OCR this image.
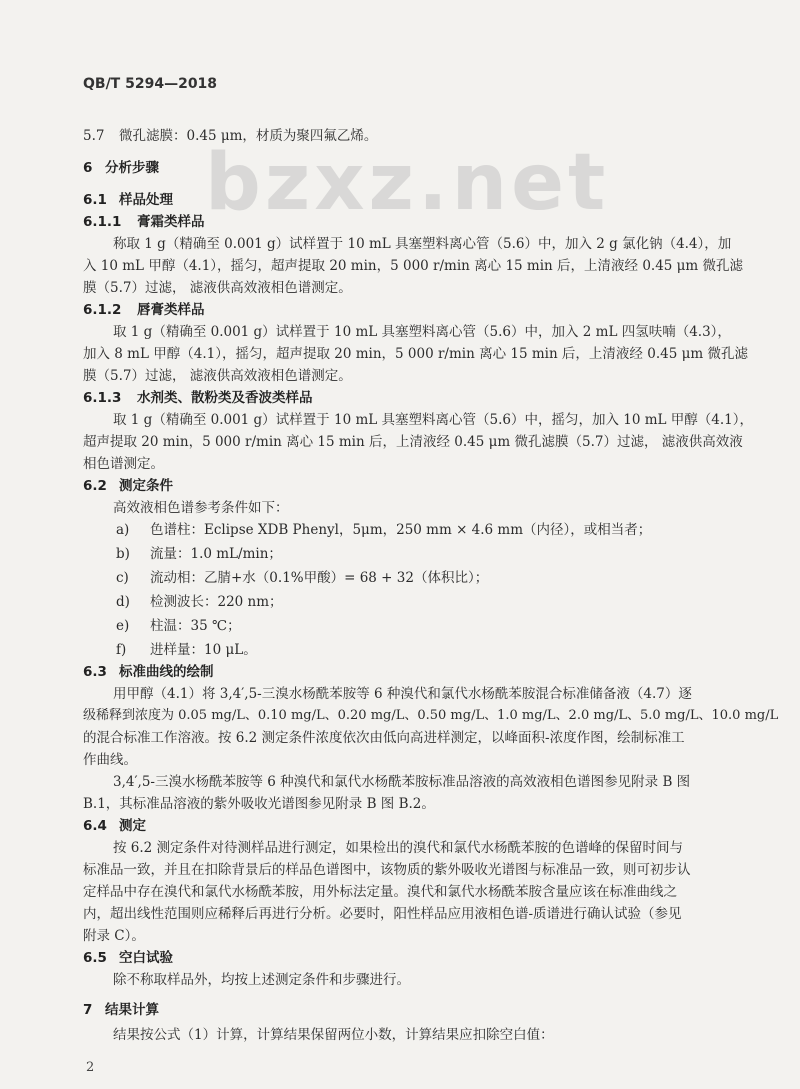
bzxz.net
QB/T 5294—2018
5.7 微孔滤膜：0.45 μm，材质为聚四氟乙烯。
6 分析步骤
6.1 样品处理
6.1.1 膏霜类样品
称取 1 g（精确至 0.001 g）试样置于 10 mL 具塞塑料离心管（5.6）中，加入 2 g 氯化钠（4.4），加
入 10 mL 甲醇（4.1），摇匀，超声提取 20 min，5 000 r/min 离心 15 min 后，上清液经 0.45 μm 微孔滤
膜（5.7）过滤， 滤液供高效液相色谱测定。
6.1.2 唇膏类样品
取 1 g（精确至 0.001 g）试样置于 10 mL 具塞塑料离心管（5.6）中，加入 2 mL 四氢呋喃（4.3），
加入 8 mL 甲醇（4.1），摇匀，超声提取 20 min，5 000 r/min 离心 15 min 后，上清液经 0.45 μm 微孔滤
膜（5.7）过滤， 滤液供高效液相色谱测定。
6.1.3 水剂类、散粉类及香波类样品
取 1 g（精确至 0.001 g）试样置于 10 mL 具塞塑料离心管（5.6）中，摇匀，加入 10 mL 甲醇（4.1），
超声提取 20 min，5 000 r/min 离心 15 min 后，上清液经 0.45 μm 微孔滤膜（5.7）过滤， 滤液供高效液
相色谱测定。
6.2 测定条件
高效液相色谱参考条件如下：
a) 色谱柱：Eclipse XDB Phenyl，5μm，250 mm × 4.6 mm（内径），或相当者；
b) 流量：1.0 mL/min；
c) 流动相：乙腈+水（0.1%甲酸）= 68 + 32（体积比）；
d) 检测波长：220 nm；
e) 柱温：35 ℃；
f) 进样量：10 μL。
6.3 标准曲线的绘制
用甲醇（4.1）将 3,4′,5-三溴水杨酰苯胺等 6 种溴代和氯代水杨酰苯胺混合标准储备液（4.7）逐
级稀释到浓度为 0.05 mg/L、0.10 mg/L、0.20 mg/L、0.50 mg/L、1.0 mg/L、2.0 mg/L、5.0 mg/L、10.0 mg/L
的混合标准工作溶液。按 6.2 测定条件浓度依次由低向高进样测定，以峰面积-浓度作图，绘制标准工
作曲线。
3,4′,5-三溴水杨酰苯胺等 6 种溴代和氯代水杨酰苯胺标准品溶液的高效液相色谱图参见附录 B 图
B.1，其标准品溶液的紫外吸收光谱图参见附录 B 图 B.2。
6.4 测定
按 6.2 测定条件对待测样品进行测定，如果检出的溴代和氯代水杨酰苯胺的色谱峰的保留时间与
标准品一致，并且在扣除背景后的样品色谱图中，该物质的紫外吸收光谱图与标准品一致，则可初步认
定样品中存在溴代和氯代水杨酰苯胺，用外标法定量。溴代和氯代水杨酰苯胺含量应该在标准曲线之
内，超出线性范围则应稀释后再进行分析。必要时，阳性样品应用液相色谱-质谱进行确认试验（参见
附录 C）。
6.5 空白试验
除不称取样品外，均按上述测定条件和步骤进行。
7 结果计算
结果按公式（1）计算，计算结果保留两位小数，计算结果应扣除空白值：
2
